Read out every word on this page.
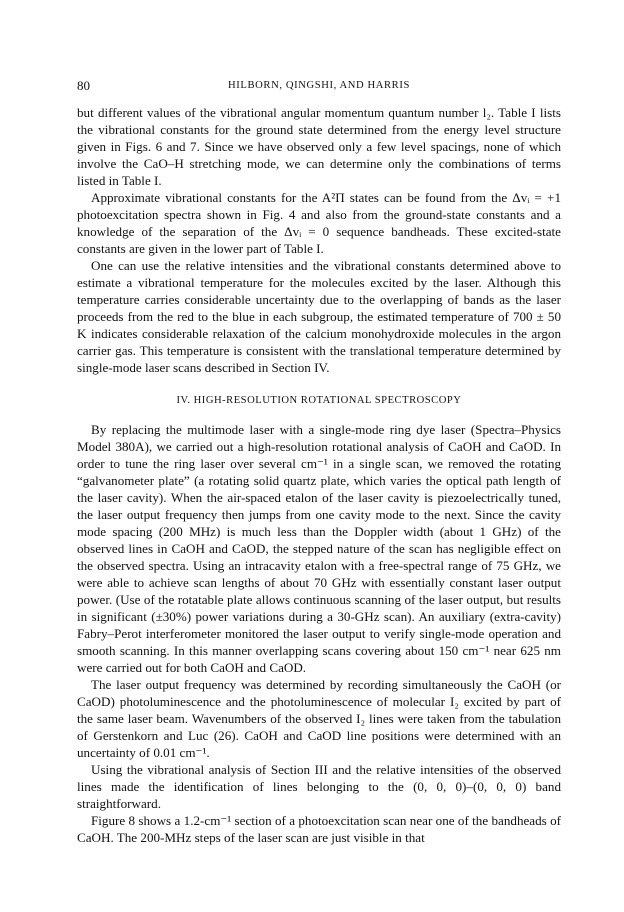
80	HILBORN, QINGSHI, AND HARRIS

but different values of the vibrational angular momentum quantum number l₂. Table I lists the vibrational constants for the ground state determined from the energy level structure given in Figs. 6 and 7. Since we have observed only a few level spacings, none of which involve the CaO–H stretching mode, we can determine only the combinations of terms listed in Table I.

Approximate vibrational constants for the A²Π states can be found from the Δvᵢ = +1 photoexcitation spectra shown in Fig. 4 and also from the ground-state constants and a knowledge of the separation of the Δvᵢ = 0 sequence bandheads. These excited-state constants are given in the lower part of Table I.

One can use the relative intensities and the vibrational constants determined above to estimate a vibrational temperature for the molecules excited by the laser. Although this temperature carries considerable uncertainty due to the overlapping of bands as the laser proceeds from the red to the blue in each subgroup, the estimated temperature of 700 ± 50 K indicates considerable relaxation of the calcium monohydroxide molecules in the argon carrier gas. This temperature is consistent with the translational temperature determined by single-mode laser scans described in Section IV.

IV. HIGH-RESOLUTION ROTATIONAL SPECTROSCOPY

By replacing the multimode laser with a single-mode ring dye laser (Spectra–Physics Model 380A), we carried out a high-resolution rotational analysis of CaOH and CaOD. In order to tune the ring laser over several cm⁻¹ in a single scan, we removed the rotating “galvanometer plate” (a rotating solid quartz plate, which varies the optical path length of the laser cavity). When the air-spaced etalon of the laser cavity is piezoelectrically tuned, the laser output frequency then jumps from one cavity mode to the next. Since the cavity mode spacing (200 MHz) is much less than the Doppler width (about 1 GHz) of the observed lines in CaOH and CaOD, the stepped nature of the scan has negligible effect on the observed spectra. Using an intracavity etalon with a free-spectral range of 75 GHz, we were able to achieve scan lengths of about 70 GHz with essentially constant laser output power. (Use of the rotatable plate allows continuous scanning of the laser output, but results in significant (±30%) power variations during a 30-GHz scan). An auxiliary (extra-cavity) Fabry–Perot interferometer monitored the laser output to verify single-mode operation and smooth scanning. In this manner overlapping scans covering about 150 cm⁻¹ near 625 nm were carried out for both CaOH and CaOD.

The laser output frequency was determined by recording simultaneously the CaOH (or CaOD) photoluminescence and the photoluminescence of molecular I₂ excited by part of the same laser beam. Wavenumbers of the observed I₂ lines were taken from the tabulation of Gerstenkorn and Luc (26). CaOH and CaOD line positions were determined with an uncertainty of 0.01 cm⁻¹.

Using the vibrational analysis of Section III and the relative intensities of the observed lines made the identification of lines belonging to the (0, 0, 0)–(0, 0, 0) band straightforward.

Figure 8 shows a 1.2-cm⁻¹ section of a photoexcitation scan near one of the bandheads of CaOH. The 200-MHz steps of the laser scan are just visible in that
